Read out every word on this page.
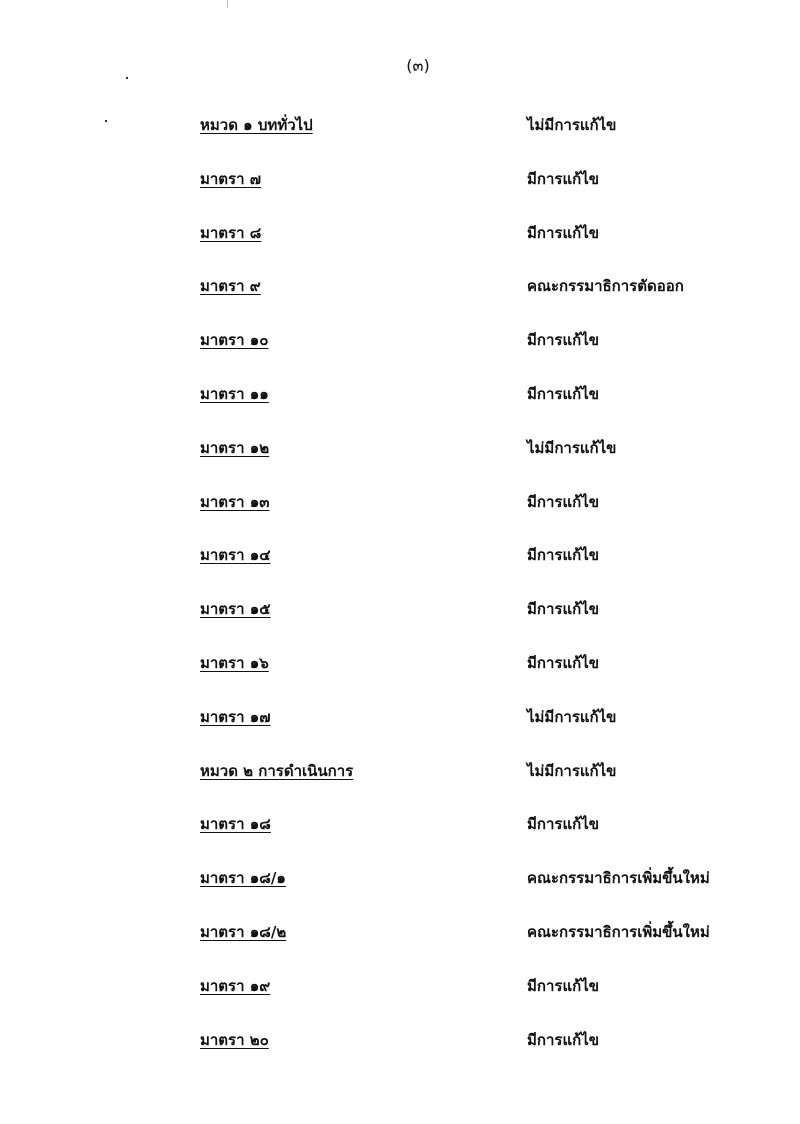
(๓)
หมวด ๑ บททั่วไป	ไม่มีการแก้ไข
มาตรา ๗	มีการแก้ไข
มาตรา ๘	มีการแก้ไข
มาตรา ๙	คณะกรรมาธิการตัดออก
มาตรา ๑๐	มีการแก้ไข
มาตรา ๑๑	มีการแก้ไข
มาตรา ๑๒	ไม่มีการแก้ไข
มาตรา ๑๓	มีการแก้ไข
มาตรา ๑๔	มีการแก้ไข
มาตรา ๑๕	มีการแก้ไข
มาตรา ๑๖	มีการแก้ไข
มาตรา ๑๗	ไม่มีการแก้ไข
หมวด ๒ การดำเนินการ	ไม่มีการแก้ไข
มาตรา ๑๘	มีการแก้ไข
มาตรา ๑๘/๑	คณะกรรมาธิการเพิ่มขึ้นใหม่
มาตรา ๑๘/๒	คณะกรรมาธิการเพิ่มขึ้นใหม่
มาตรา ๑๙	มีการแก้ไข
มาตรา ๒๐	มีการแก้ไข
